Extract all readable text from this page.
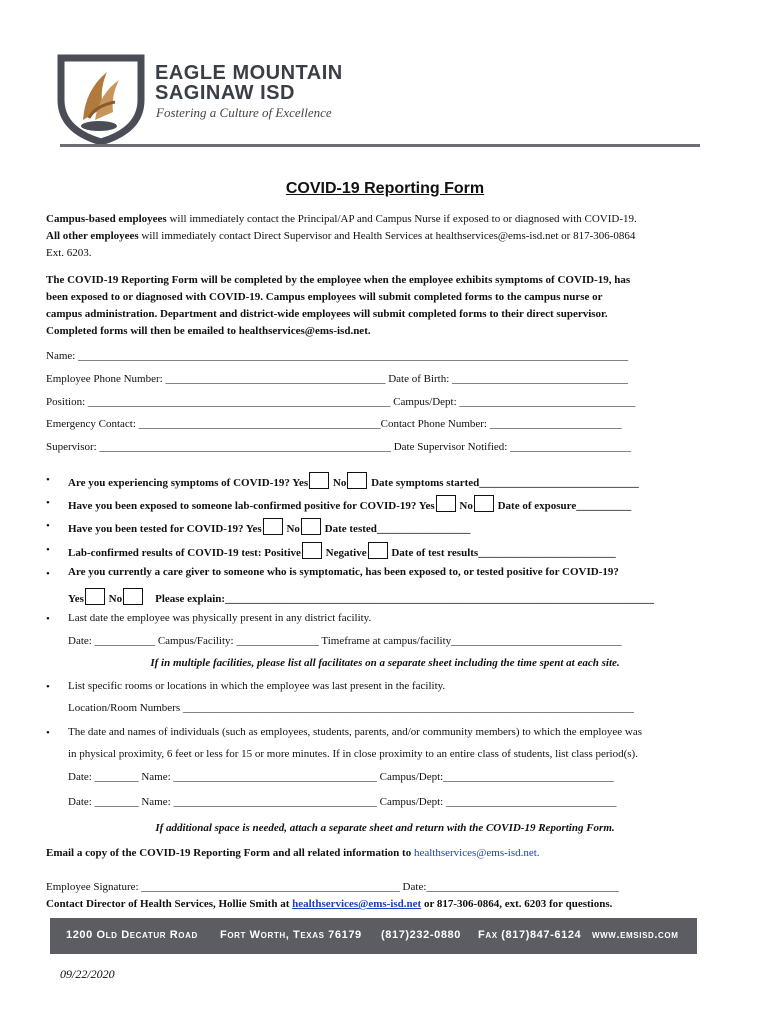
EAGLE MOUNTAIN
SAGINAW ISD
Fostering a Culture of Excellence
COVID-19 Reporting Form
Campus-based employees will immediately contact the Principal/AP and Campus Nurse if exposed to or diagnosed with COVID-19.
All other employees will immediately contact Direct Supervisor and Health Services at healthservices@ems-isd.net or 817-306-0864
Ext. 6203.
The COVID-19 Reporting Form will be completed by the employee when the employee exhibits symptoms of COVID-19, has
been exposed to or diagnosed with COVID-19. Campus employees will submit completed forms to the campus nurse or
campus administration. Department and district-wide employees will submit completed forms to their direct supervisor.
Completed forms will then be emailed to healthservices@ems-isd.net.
Name: ____________________________________________________________________________________________________
Employee Phone Number: ________________________________________ Date of Birth: ________________________________
Position: _______________________________________________________ Campus/Dept: ________________________________
Emergency Contact: ____________________________________________Contact Phone Number: ________________________
Supervisor: _____________________________________________________ Date Supervisor Notified: ______________________
• Are you experiencing symptoms of COVID-19? Yes No Date symptoms started_____________________________
• Have you been exposed to someone lab-confirmed positive for COVID-19? Yes No Date of exposure__________
• Have you been tested for COVID-19? Yes No Date tested_________________
• Lab-confirmed results of COVID-19 test: Positive Negative Date of test results_________________________
• Are you currently a care giver to someone who is symptomatic, has been exposed to, or tested positive for COVID-19?
Yes No	Please explain:______________________________________________________________________________
• Last date the employee was physically present in any district facility.
Date: ___________ Campus/Facility: _______________ Timeframe at campus/facility_______________________________
If in multiple facilities, please list all facilitates on a separate sheet including the time spent at each site.
• List specific rooms or locations in which the employee was last present in the facility.
Location/Room Numbers __________________________________________________________________________________
• The date and names of individuals (such as employees, students, parents, and/or community members) to which the employee was
in physical proximity, 6 feet or less for 15 or more minutes. If in close proximity to an entire class of students, list class period(s).
Date: ________ Name: _____________________________________ Campus/Dept:_______________________________
Date: ________ Name: _____________________________________ Campus/Dept: _______________________________
If additional space is needed, attach a separate sheet and return with the COVID-19 Reporting Form.
Email a copy of the COVID-19 Reporting Form and all related information to healthservices@ems-isd.net.
Employee Signature: _______________________________________________ Date:___________________________________
Contact Director of Health Services, Hollie Smith at healthservices@ems-isd.net or 817-306-0864, ext. 6203 for questions.
1200 Old Decatur Road Fort Worth, Texas 76179 (817)232-0880 Fax (817)847-6124 www.emsisd.com
09/22/2020
